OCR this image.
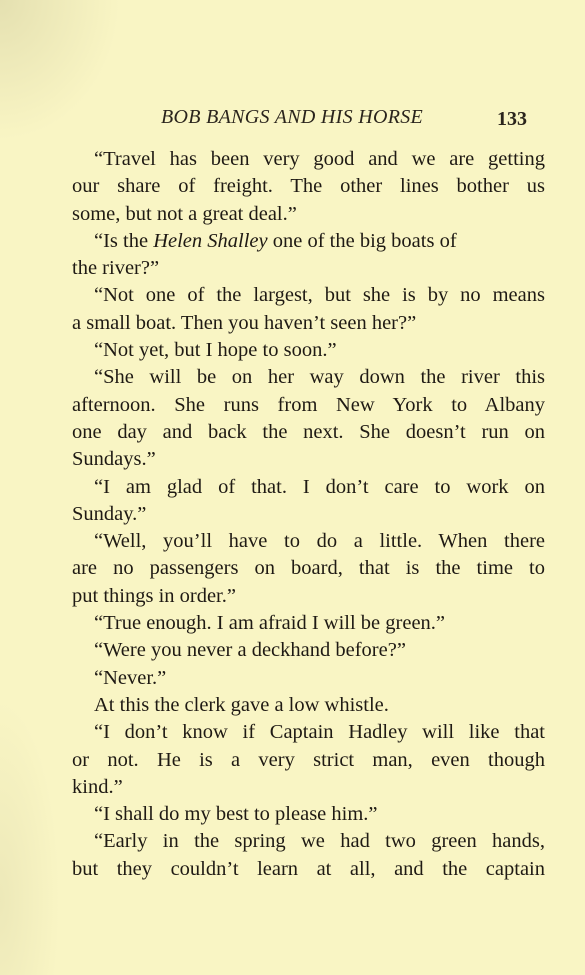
BOB BANGS AND HIS HORSE	133
“Travel has been very good and we are getting
our share of freight. The other lines bother us
some, but not a great deal.”
“Is the Helen Shalley one of the big boats of
the river?”
“Not one of the largest, but she is by no means
a small boat. Then you haven’t seen her?”
“Not yet, but I hope to soon.”
“She will be on her way down the river this
afternoon. She runs from New York to Albany
one day and back the next. She doesn’t run on
Sundays.”
“I am glad of that. I don’t care to work on
Sunday.”
“Well, you’ll have to do a little. When there
are no passengers on board, that is the time to
put things in order.”
“True enough. I am afraid I will be green.”
“Were you never a deckhand before?”
“Never.”
At this the clerk gave a low whistle.
“I don’t know if Captain Hadley will like that
or not. He is a very strict man, even though
kind.”
“I shall do my best to please him.”
“Early in the spring we had two green hands,
but they couldn’t learn at all, and the captain
